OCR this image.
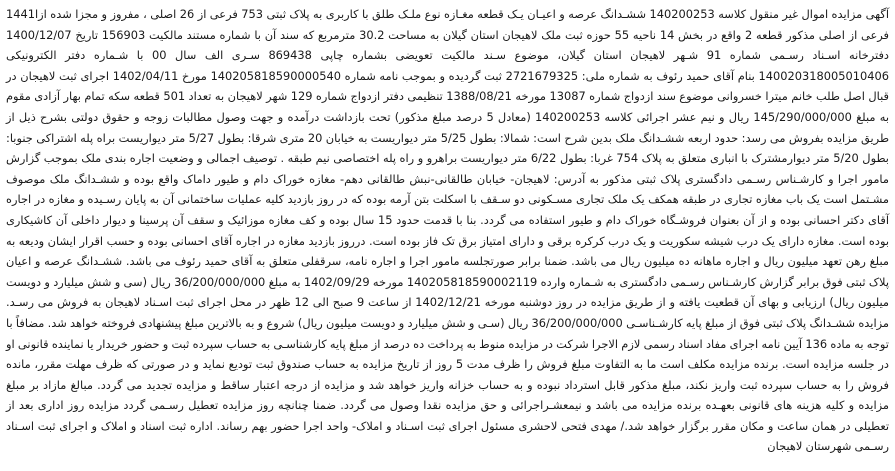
آگهی مزایده اموال غیر منقول کلاسه 140200253 ششـدانگ عرصه و اعیـان یـک قطعه مغـازه نوع ملـک طلق با کاربری به پلاک ثبتی 753 فرعی از 26 اصلی ، مفروز و مجزا شده ازا1441 فرعی از اصلی مذکور قطعه 2 واقع در بخش 14 ناحیه 55 حوزه ثبت ملک لاهیجان استان گیلان به مساحت 30.2 مترمربع که سند آن با شماره مستند مالکیت 156903 تاریخ 1400/12/07 دفترخانه اسـناد رسـمی شماره 91 شـهر لاهیجان استان گیلان، موضوع سـند مالکیت تعویضی بشماره چاپی 869438 سـری الف سال 00 با شـماره دفتر الکترونیکی 140020318005010406 بنام آقای حمید رئوف به شماره ملی: 2721679325 ثبت گردیده و بموجب نامه شماره 140205818590000540 مورخ 1402/04/11 اجرای ثبت لاهیجان در قبال اصل طلب خانم میترا خسروانی موضوع سند ازدواج شماره 13087 مورخه 1388/08/21 تنظیمی دفتر ازدواج شماره 129 شهر لاهیجان به تعداد 501 قطعه سکه تمام بهار آزادی مقوم به مبلغ 145/290/000/000 ریال و نیم عشر اجرائی کلاسه 140200253 (معادل 5 درصد مبلغ مذکور) تحت بازداشت درآمده و جهت وصول مطالبات زوجه و حقوق دولتی بشرح ذیل از طریق مزایده بفروش می رسد: حدود اربعه ششـدانگ ملک بدین شرح است: شمالا: بطول 5/25 متر دیواریست به خیابان 20 متری شرقا: بطول 5/27 متر دیواریست براه پله اشتراکی جنوبا: بطول 5/20 متر دیوارمشترک با انباری متعلق به پلاک 754 غربا: بطول 6/22 متر دیواریست براهرو و راه پله اختصاصی نیم طبقه . توصیف اجمالی و وضعیت اجاره بندی ملک بموجب گزارش مامور اجرا و کارشـناس رسـمی دادگستری پلاک ثبتی مذکور به آدرس: لاهیجان- خیابان طالقانی-نبش طالقانی دهم- مغازه خوراک دام و طیور داماک واقع بوده و ششـدانگ ملک موصوف مشـتمل است یک باب مغازه تجاری در طبقه همکف یک ملک تجاری مسـکونی دو سـقف با اسکلت بتن آرمه بوده که در روز بازدید کلیه عملیات ساختمانی آن به پایان رسـیده و مغازه در اجاره آقای دکتر احسانی بوده و از آن بعنوان فروشـگاه خوراک دام و طیور استفاده می گردد. بنا با قدمت حدود 15 سال بوده و کف مغازه موزائیک و سقف آن پرسینا و دیوار داخلی آن کاشیکاری بوده است. مغازه دارای یک درب شیشه سکوریت و یک درب کرکره برقی و دارای امتیاز برق تک فاز بوده است. درروز بازدید مغازه در اجاره آقای احسانی بوده و حسب اقرار ایشان ودیعه به مبلغ رهن تعهد میلیون ریال و اجاره ماهانه ده میلیون ریال می باشد. ضمنا برابر صورتجلسه مامور اجرا و اجاره نامه، سرقفلی متعلق به آقای حمید رئوف می باشد. ششـدانگ عرصه و اعیان پلاک ثبتی فوق برابر گزارش کارشـناس رسـمی دادگستری به شـماره وارده 140205818590002119 مورخه 1402/09/29 به مبلغ 36/200/000/000 ریال (سی و شش میلیارد و دویست میلیون ریال) ارزیابی و بهای آن قطعیت یافته و از طریق مزایده در روز دوشنبه مورخه 1402/12/21 از ساعت 9 صبح الی 12 ظهر در محل اجرای ثبت اسـناد لاهیجان به فروش می رسـد. مزایده ششـدانگ پلاک ثبتی فوق از مبلغ پایه کارشـناسـی 36/200/000/000 ریال (سـی و شش میلیارد و دویست میلیون ریال) شروع و به بالاترین مبلغ پیشنهادی فروخته خواهد شد. مضافاً با توجه به ماده 136 آیین نامه اجرای مفاد اسناد رسمی لازم الاجرا شرکت در مزایده منوط به پرداخت ده درصد از مبلغ پایه کارشناسـی به حساب سپرده ثبت و حضور خریدار یا نماینده قانونی او در جلسه مزایده است. برنده مزایده مکلف است ما به التفاوت مبلغ فروش را ظرف مدت 5 روز از تاریخ مزایده به حساب صندوق ثبت تودیع نماید و در صورتی که ظرف مهلت مقرر، مانده فروش را به حساب سپرده ثبت واریز نکند، مبلغ مذکور قابل استرداد نبوده و به حساب خزانه واریز خواهد شد و مزایده از درجه اعتبار ساقط و مزایده تجدید می گردد. مبالغ مازاد بر مبلغ مزایده و کلیه هزینه های قانونی بعهـده برنده مزایده می باشد و نیمعشـراجرائی و حق مزایده نقدا وصول می گردد. ضمنا چنانچه روز مزایده تعطیل رسـمی گردد مزایده روز اداری بعد از تعطیلی در همان ساعت و مکان مقرر برگزار خواهد شد./ مهدی فتحی لاحشری مسئول اجرای ثبت اسـناد و املاک- واحد اجرا حضور بهم رساند. اداره ثبت اسناد و املاک و اجرای ثبت اسـناد رسـمی شهرستان لاهیجان
